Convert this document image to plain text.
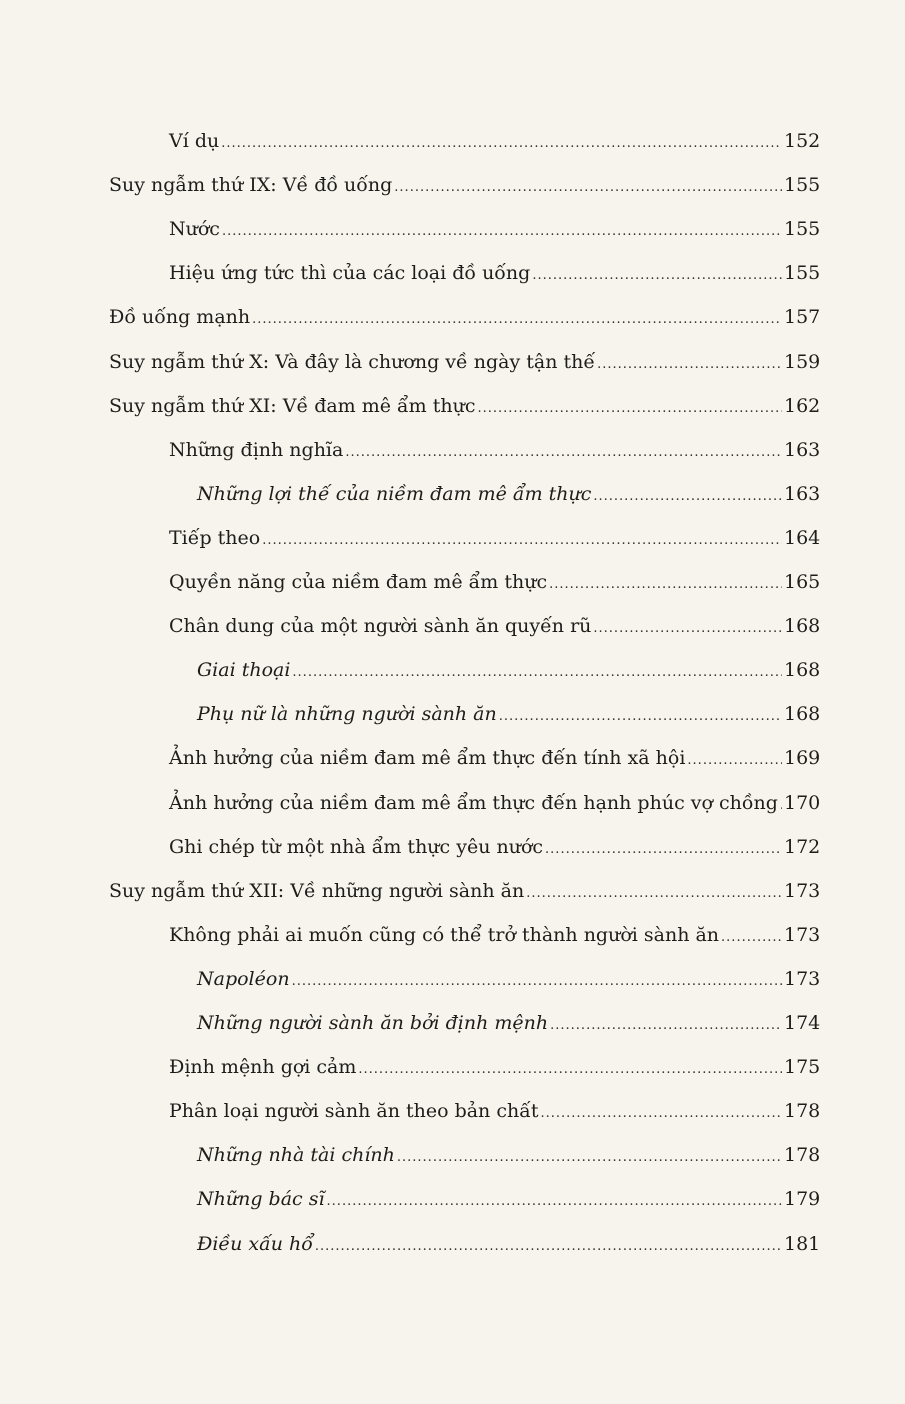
Ví dụ .....	152
Suy ngẫm thứ IX: Về đồ uống .....	155
Nước .....	155
Hiệu ứng tức thì của các loại đồ uống .....	155
Đồ uống mạnh .....	157
Suy ngẫm thứ X: Và đây là chương về ngày tận thế .....	159
Suy ngẫm thứ XI: Về đam mê ẩm thực .....	162
Những định nghĩa .....	163
Những lợi thế của niềm đam mê ẩm thực .....	163
Tiếp theo .....	164
Quyền năng của niềm đam mê ẩm thực .....	165
Chân dung của một người sành ăn quyến rũ .....	168
Giai thoại .....	168
Phụ nữ là những người sành ăn .....	168
Ảnh hưởng của niềm đam mê ẩm thực đến tính xã hội .....	169
Ảnh hưởng của niềm đam mê ẩm thực đến hạnh phúc vợ chồng ..... 170
Ghi chép từ một nhà ẩm thực yêu nước .....	172
Suy ngẫm thứ XII: Về những người sành ăn .....	173
Không phải ai muốn cũng có thể trở thành người sành ăn .....	173
Napoléon .....	173
Những người sành ăn bởi định mệnh .....	174
Định mệnh gợi cảm .....	175
Phân loại người sành ăn theo bản chất .....	178
Những nhà tài chính .....	178
Những bác sĩ .....	179
Điều xấu hổ .....	181
